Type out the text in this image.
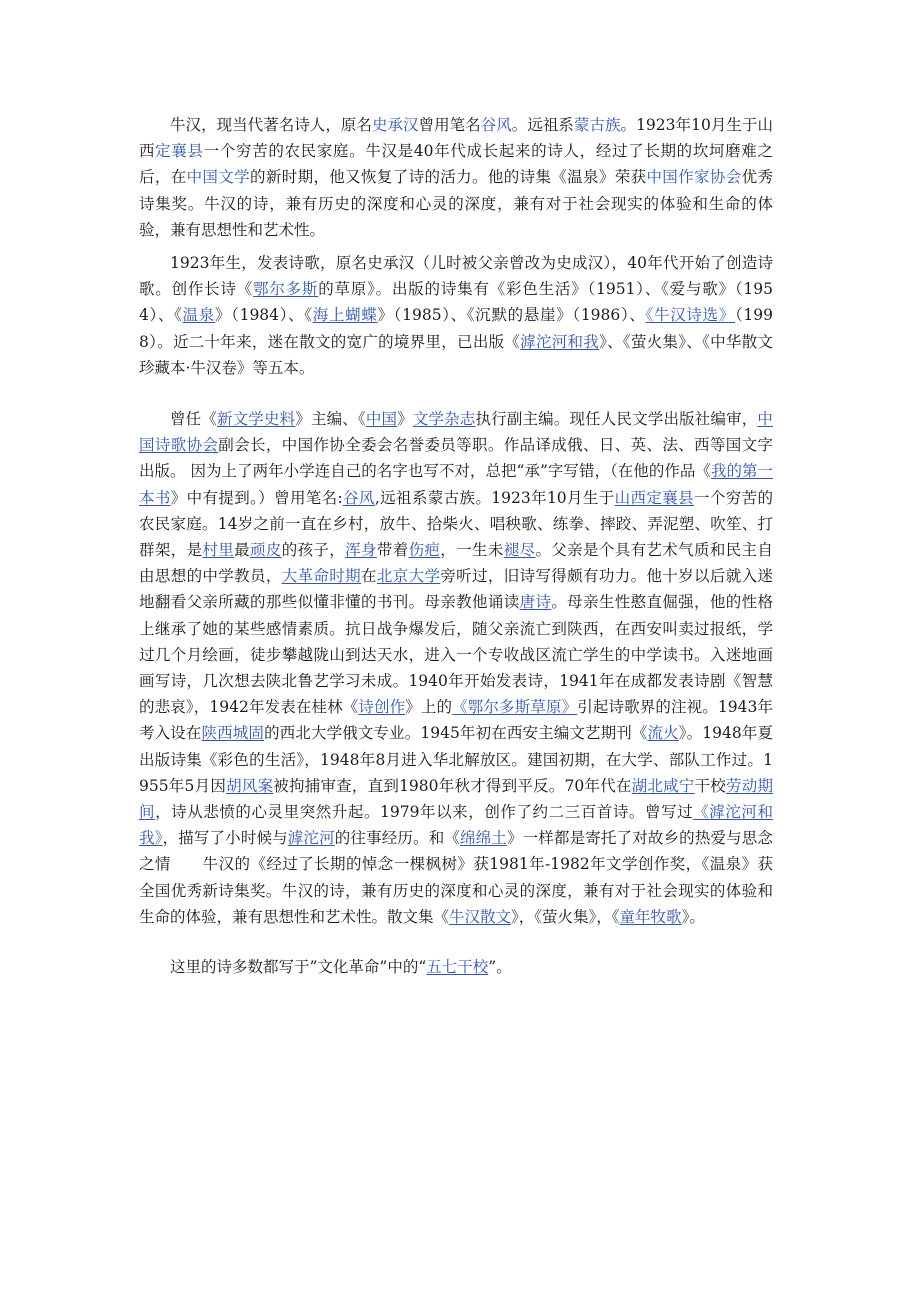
牛汉，现当代著名诗人，原名史承汉曾用笔名谷风。远祖系蒙古族。1923年10月生于山西定襄县一个穷苦的农民家庭。牛汉是40年代成长起来的诗人，经过了长期的坎坷磨难之后，在中国文学的新时期，他又恢复了诗的活力。他的诗集《温泉》荣获中国作家协会优秀诗集奖。牛汉的诗，兼有历史的深度和心灵的深度，兼有对于社会现实的体验和生命的体验，兼有思想性和艺术性。

1923年生，发表诗歌，原名史承汉（儿时被父亲曾改为史成汉），40年代开始了创造诗歌。创作长诗《鄂尔多斯的草原》。出版的诗集有《彩色生活》（1951）、《爱与歌》（1954）、《温泉》（1984）、《海上蝴蝶》（1985）、《沉默的悬崖》（1986）、《牛汉诗选》（1998）。近二十年来，迷在散文的宽广的境界里，已出版《滹沱河和我》、《萤火集》、《中华散文珍藏本·牛汉卷》等五本。

曾任《新文学史料》主编、《中国》文学杂志执行副主编。现任人民文学出版社编审，中国诗歌协会副会长，中国作协全委会名誉委员等职。作品译成俄、日、英、法、西等国文字出版。 因为上了两年小学连自己的名字也写不对，总把“承”字写错，（在他的作品《我的第一本书》中有提到。）曾用笔名:谷风,远祖系蒙古族。1923年10月生于山西定襄县一个穷苦的农民家庭。14岁之前一直在乡村，放牛、拾柴火、唱秧歌、练拳、摔跤、弄泥塑、吹笙、打群架，是村里最顽皮的孩子，浑身带着伤疤，一生未褪尽。父亲是个具有艺术气质和民主自由思想的中学教员，大革命时期在北京大学旁听过，旧诗写得颇有功力。他十岁以后就入迷地翻看父亲所藏的那些似懂非懂的书刊。母亲教他诵读唐诗。母亲生性憨直倔强，他的性格上继承了她的某些感情素质。抗日战争爆发后，随父亲流亡到陕西，在西安叫卖过报纸，学过几个月绘画，徒步攀越陇山到达天水，进入一个专收战区流亡学生的中学读书。入迷地画画写诗，几次想去陕北鲁艺学习未成。1940年开始发表诗，1941年在成都发表诗剧《智慧的悲哀》，1942年发表在桂林《诗创作》上的《鄂尔多斯草原》引起诗歌界的注视。1943年考入设在陕西城固的西北大学俄文专业。1945年初在西安主编文艺期刊《流火》。1948年夏出版诗集《彩色的生活》，1948年8月进入华北解放区。建国初期，在大学、部队工作过。1955年5月因胡风案被拘捕审查，直到1980年秋才得到平反。70年代在湖北咸宁干校劳动期间，诗从悲愤的心灵里突然升起。1979年以来，创作了约二三百首诗。曾写过《滹沱河和我》，描写了小时候与滹沱河的往事经历。和《绵绵土》一样都是寄托了对故乡的热爱与思念之情　　牛汉的《经过了长期的悼念一棵枫树》获1981年-1982年文学创作奖，《温泉》获全国优秀新诗集奖。牛汉的诗，兼有历史的深度和心灵的深度，兼有对于社会现实的体验和生命的体验，兼有思想性和艺术性。散文集《牛汉散文》，《萤火集》，《童年牧歌》。

这里的诗多数都写于”文化革命”中的“五七干校”。
